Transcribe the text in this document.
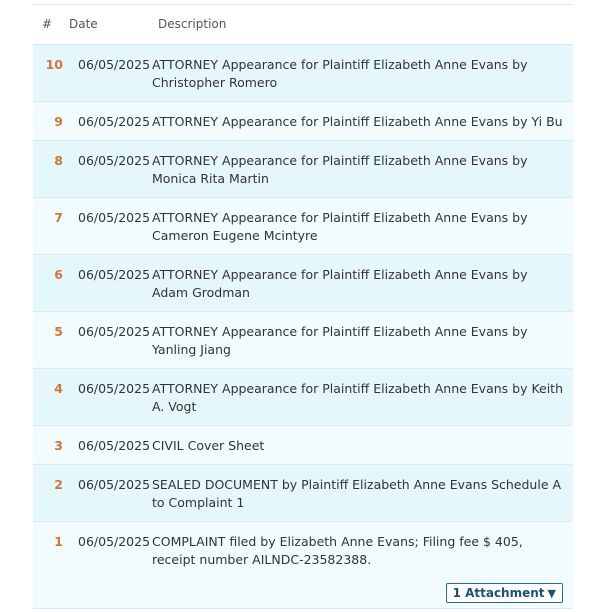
# Date	Description
10 06/05/2025 ATTORNEY Appearance for Plaintiff Elizabeth Anne Evans by Christopher Romero
9 06/05/2025 ATTORNEY Appearance for Plaintiff Elizabeth Anne Evans by Yi Bu
8 06/05/2025 ATTORNEY Appearance for Plaintiff Elizabeth Anne Evans by Monica Rita Martin
7 06/05/2025 ATTORNEY Appearance for Plaintiff Elizabeth Anne Evans by Cameron Eugene Mcintyre
6 06/05/2025 ATTORNEY Appearance for Plaintiff Elizabeth Anne Evans by Adam Grodman
5 06/05/2025 ATTORNEY Appearance for Plaintiff Elizabeth Anne Evans by Yanling Jiang
4 06/05/2025 ATTORNEY Appearance for Plaintiff Elizabeth Anne Evans by Keith A. Vogt
3 06/05/2025 CIVIL Cover Sheet
2 06/05/2025 SEALED DOCUMENT by Plaintiff Elizabeth Anne Evans Schedule A to Complaint 1
1 06/05/2025 COMPLAINT filed by Elizabeth Anne Evans; Filing fee $ 405, receipt number AILNDC-23582388.
1 Attachment ▼
